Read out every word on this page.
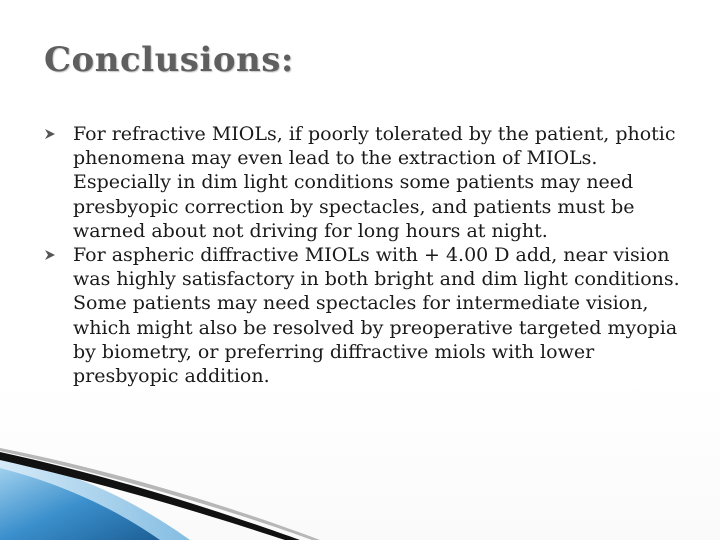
Conclusions:
For refractive MIOLs, if poorly tolerated by the patient, photic phenomena may even lead to the extraction of MIOLs. Especially in dim light conditions some patients may need presbyopic correction by spectacles, and patients must be warned about not driving for long hours at night.
For aspheric diffractive MIOLs with + 4.00 D add, near vision was highly satisfactory in both bright and dim light conditions. Some patients may need spectacles for intermediate vision, which might also be resolved by preoperative targeted myopia by biometry, or preferring diffractive miols with lower presbyopic addition.
